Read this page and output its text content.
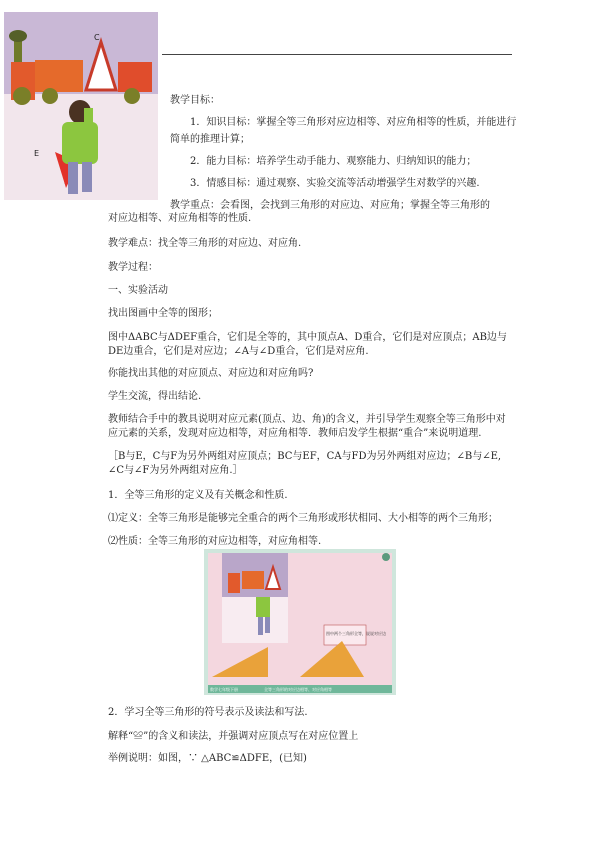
C
E
教学目标：
1．知识目标：掌握全等三角形对应边相等、对应角相等的性质，并能进行
简单的推理计算；
2．能力目标：培养学生动手能力、观察能力、归纳知识的能力；
3．情感目标：通过观察、实验交流等活动增强学生对数学的兴趣.
教学重点：会看图，会找到三角形的对应边、对应角；掌握全等三角形的
对应边相等、对应角相等的性质.
教学难点：找全等三角形的对应边、对应角.
教学过程：
一、实验活动
找出图画中全等的图形；
图中ΔABC与ΔDEF重合，它们是全等的，其中顶点A、D重合，它们是对应顶点；AB边与
DE边重合，它们是对应边；∠A与∠D重合，它们是对应角.
你能找出其他的对应顶点、对应边和对应角吗?
学生交流，得出结论.
教师结合手中的教具说明对应元素(顶点、边、角)的含义，并引导学生观察全等三角形中对
应元素的关系，发现对应边相等，对应角相等．教师启发学生根据“重合”来说明道理.
［B与E，C与F为另外两组对应顶点；BC与EF，CA与FD为另外两组对应边；∠B与∠E,
∠C与∠F为另外两组对应角.］
1．全等三角形的定义及有关概念和性质.
⑴定义：全等三角形是能够完全重合的两个三角形或形状相同、大小相等的两个三角形；
⑵性质：全等三角形的对应边相等，对应角相等.
图中两个三角形全等，说说对应边
数学七年级下册	全等三角形的对应边相等、对应角相等
2．学习全等三角形的符号表示及读法和写法.
解释“≌”的含义和读法，并强调对应顶点写在对应位置上
举例说明：如图，∵ △ABC≌ΔDFE，(已知)
